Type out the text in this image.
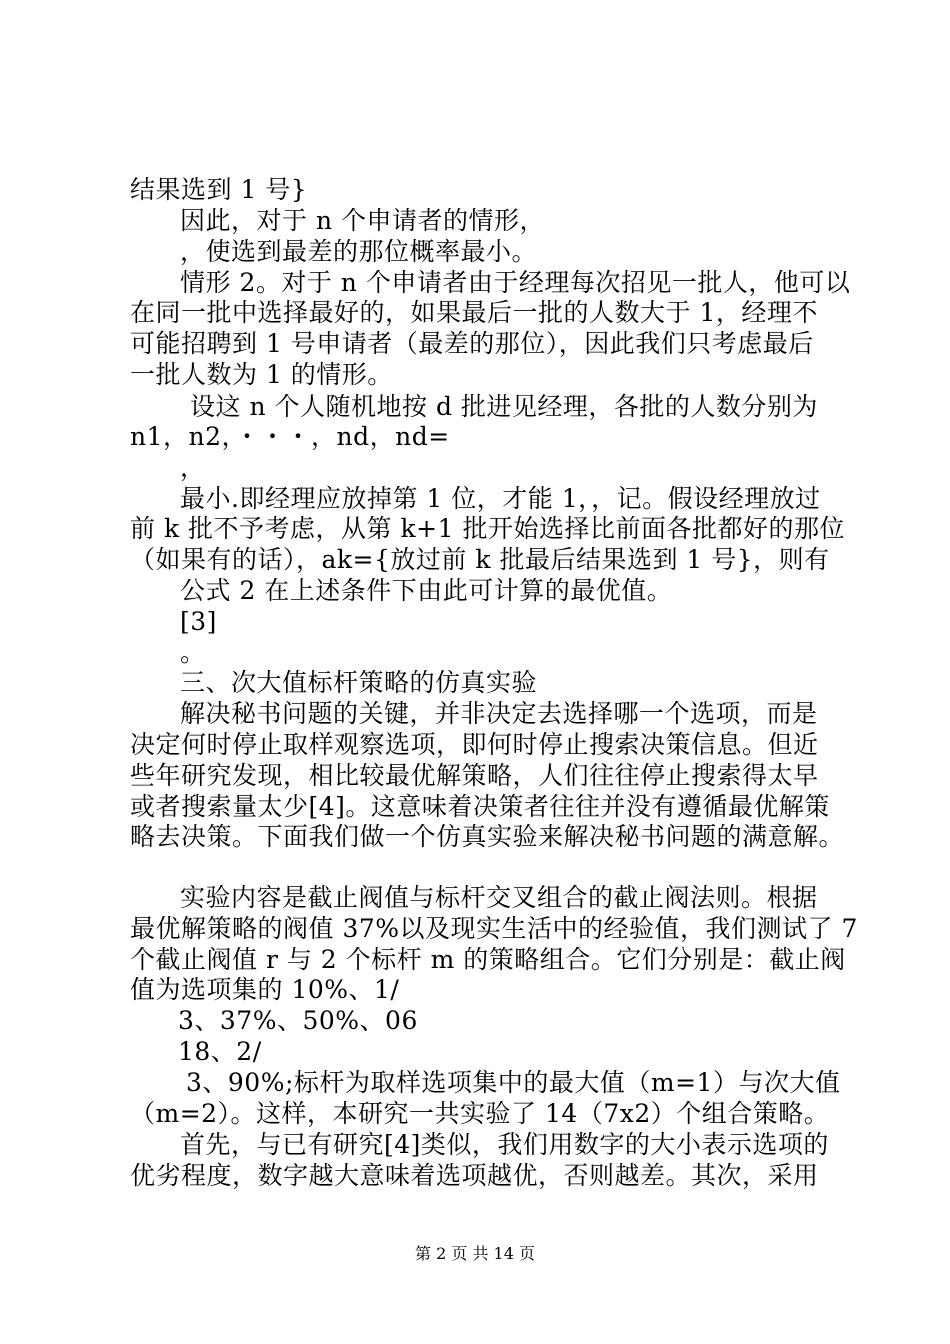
结果选到 1 号}
因此，对于 n 个申请者的情形，
，使选到最差的那位概率最小。
情形 2。对于 n 个申请者由于经理每次招见一批人，他可以
在同一批中选择最好的，如果最后一批的人数大于 1，经理不
可能招聘到 1 号申请者（最差的那位），因此我们只考虑最后
一批人数为 1 的情形。
设这 n 个人随机地按 d 批进见经理，各批的人数分别为
n1，n2，・・・，nd，nd=
，
最小.即经理应放掉第 1 位，才能 1，，记。假设经理放过
前 k 批不予考虑，从第 k+1 批开始选择比前面各批都好的那位
（如果有的话），ak={放过前 k 批最后结果选到 1 号}，则有
公式 2 在上述条件下由此可计算的最优值。
[3]
。
三、次大值标杆策略的仿真实验
解决秘书问题的关键，并非决定去选择哪一个选项，而是
决定何时停止取样观察选项，即何时停止搜索决策信息。但近
些年研究发现，相比较最优解策略，人们往往停止搜索得太早
或者搜索量太少[4]。这意味着决策者往往并没有遵循最优解策
略去决策。下面我们做一个仿真实验来解决秘书问题的满意解。
实验内容是截止阀值与标杆交叉组合的截止阀法则。根据
最优解策略的阀值 37%以及现实生活中的经验值，我们测试了 7
个截止阀值 r 与 2 个标杆 m 的策略组合。它们分别是：截止阀
值为选项集的 10%、1/
3、37%、50%、06
18、2/
3、90%;标杆为取样选项集中的最大值（m=1）与次大值
（m=2）。这样，本研究一共实验了 14（7x2）个组合策略。
首先，与已有研究[4]类似，我们用数字的大小表示选项的
优劣程度，数字越大意味着选项越优，否则越差。其次，采用
第 2 页 共 14 页
